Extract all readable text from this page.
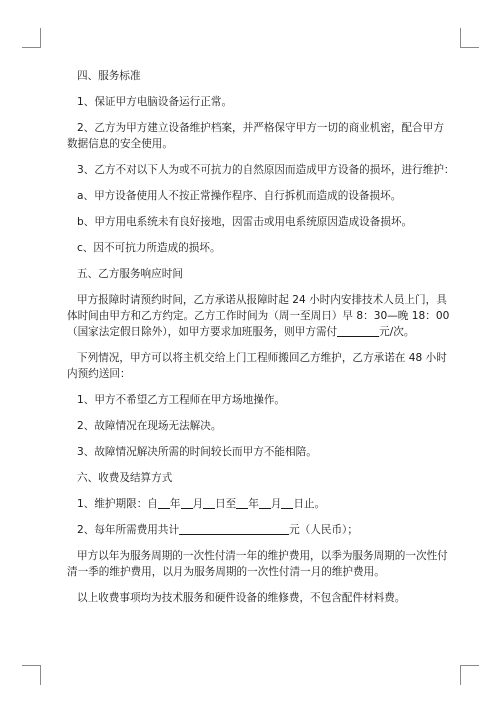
四、服务标准

1、保证甲方电脑设备运行正常。

2、乙方为甲方建立设备维护档案，并严格保守甲方一切的商业机密，配合甲方
数据信息的安全使用。

3、乙方不对以下人为或不可抗力的自然原因而造成甲方设备的损坏，进行维护：

a、甲方设备使用人不按正常操作程序、自行拆机而造成的设备损坏。

b、甲方用电系统未有良好接地，因雷击或用电系统原因造成设备损坏。

c、因不可抗力所造成的损坏。

五、乙方服务响应时间

甲方报障时请预约时间，乙方承诺从报障时起 24 小时内安排技术人员上门，具
体时间由甲方和乙方约定。乙方工作时间为（周一至周日）早 8：30—晚 18：00
（国家法定假日除外），如甲方要求加班服务，则甲方需付	元/次。

下列情况，甲方可以将主机交给上门工程师搬回乙方维护，乙方承诺在 48 小时
内预约送回：

1、甲方不希望乙方工程师在甲方场地操作。

2、故障情况在现场无法解决。

3、故障情况解决所需的时间较长而甲方不能相陪。

六、收费及结算方式

1、维护期限：自 年 月 日至 年 月 日止。

2、每年所需费用共计	元（人民币）；

甲方以年为服务周期的一次性付清一年的维护费用，以季为服务周期的一次性付
清一季的维护费用，以月为服务周期的一次性付清一月的维护费用。

以上收费事项均为技术服务和硬件设备的维修费，不包含配件材料费。
